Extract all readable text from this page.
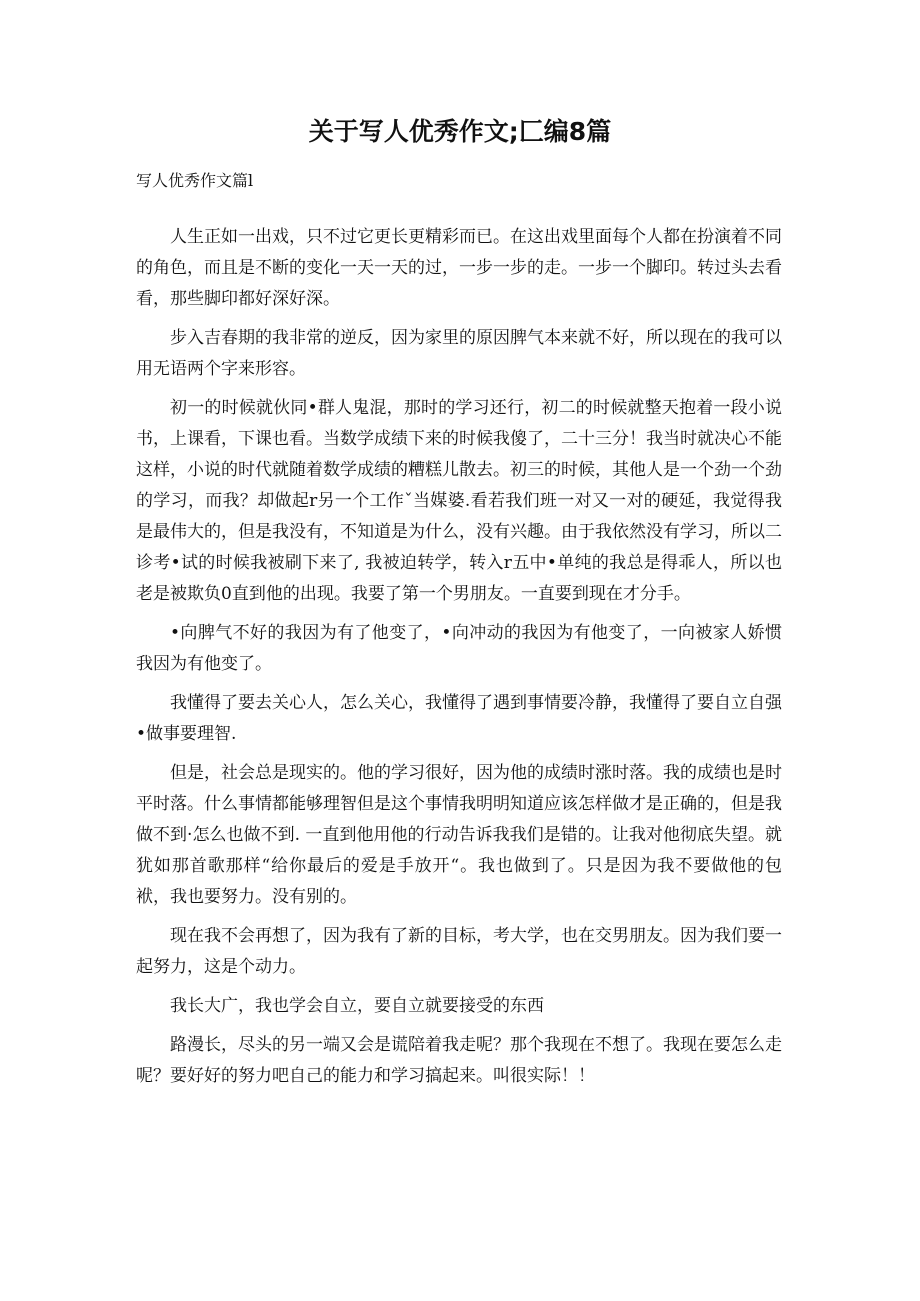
关于写人优秀作文;匚编8篇
写人优秀作文篇l

人生正如一出戏，只不过它更长更精彩而已。在这出戏里面每个人都在扮演着不同的角色，而且是不断的变化一天一天的过，一步一步的走。一步一个脚印。转过头去看看，那些脚印都好深好深。

步入吉春期的我非常的逆反，因为家里的原因脾气本来就不好，所以现在的我可以用无语两个字来形容。

初一的时候就伙同•群人鬼混，那时的学习还行，初二的时候就整天抱着一段小说书，上课看，下课也看。当数学成绩下来的时候我傻了，二十三分！我当时就决心不能这样，小说的时代就随着数学成绩的糟糕儿散去。初三的时候，其他人是一个劲一个劲的学习，而我？却做起r另一个工作ˇ当媒婆.看若我们班一对又一对的硬延，我觉得我是最伟大的，但是我没有，不知道是为什么，没有兴趣。由于我依然没有学习，所以二诊考•试的时候我被刷下来了, 我被迫转学，转入r五中•单纯的我总是得乖人，所以也老是被欺负0直到他的出现。我要了第一个男朋友。一直要到现在才分手。

•向脾气不好的我因为有了他变了，•向冲动的我因为有他变了，一向被家人娇惯我因为有他变了。

我懂得了要去关心人，怎么关心，我懂得了遇到事情要冷静，我懂得了要自立自强•做事要理智.

但是，社会总是现实的。他的学习很好，因为他的成绩时涨时落。我的成绩也是时平时落。什么事情都能够理智但是这个事情我明明知道应该怎样做才是正确的，但是我做不到·怎么也做不到. 一直到他用他的行动告诉我我们是错的。让我对他彻底失望。就犹如那首歌那样“给你最后的爱是手放开“。我也做到了。只是因为我不要做他的包袱，我也要努力。没有别的。

现在我不会再想了，因为我有了新的目标，考大学，也在交男朋友。因为我们要一起努力，这是个动力。

我长大广，我也学会自立，要自立就要接受的东西

路漫长，尽头的另一端又会是谎陪着我走呢？那个我现在不想了。我现在要怎么走呢？要好好的努力吧自己的能力和学习搞起来。叫很实际！！
